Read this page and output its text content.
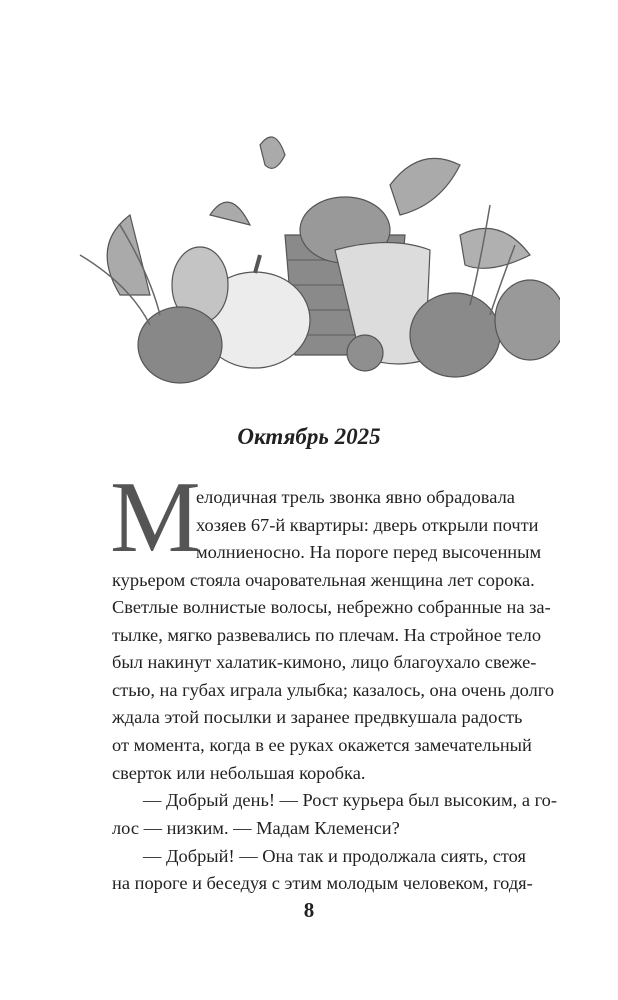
Октябрь 2025
М
елодичная трель звонка явно обрадовала
хозяев 67-й квартиры: дверь открыли почти
молниеносно. На пороге перед высоченным
курьером стояла очаровательная женщина лет сорока.
Светлые волнистые волосы, небрежно собранные на за-
тылке, мягко развевались по плечам. На стройное тело
был накинут халатик-кимоно, лицо благоухало свеже-
стью, на губах играла улыбка; казалось, она очень долго
ждала этой посылки и заранее предвкушала радость
от момента, когда в ее руках окажется замечательный
сверток или небольшая коробка.
— Добрый день! — Рост курьера был высоким, а го-
лос — низким. — Мадам Клеменси?
— Добрый! — Она так и продолжала сиять, стоя
на пороге и беседуя с этим молодым человеком, годя-
8
